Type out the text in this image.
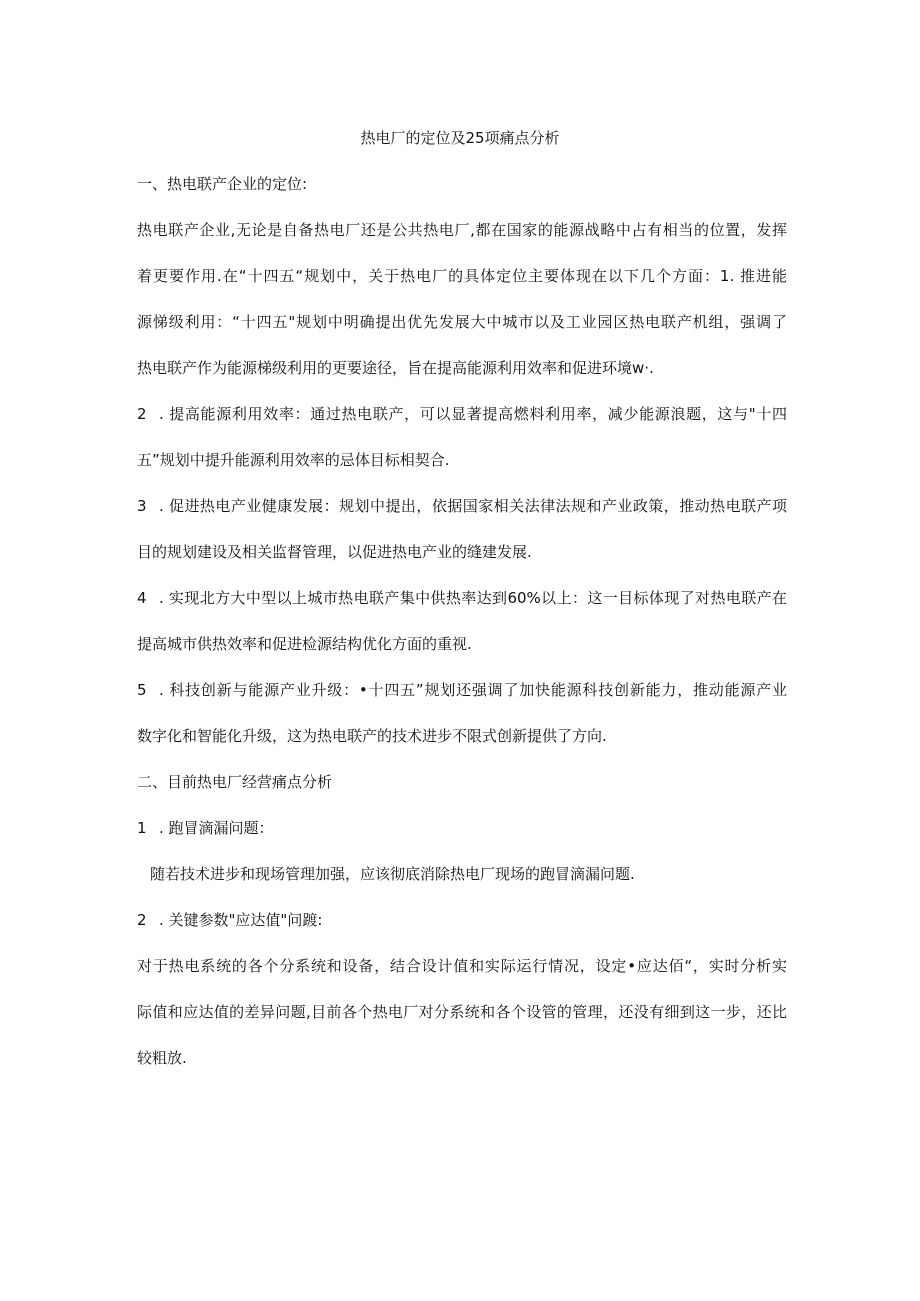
热电厂的定位及25项痛点分析
一、热电联产企业的定位:
热电联产企业,无论是自备热电厂还是公共热电厂,都在国家的能源战略中占有相当的位置，发挥
着更要作用.在“十四五“规划中，关于热电厂的具体定位主要体现在以下几个方面：1. 推进能
源悌级利用：“十四五"规划中明确提出优先发展大中城市以及工业园区热电联产机组，强调了
热电联产作为能源梯级利用的更要途径，旨在提高能源利用效率和促进环境w·.
2 . 提高能源利用效率：通过热电联产，可以显著提高燃料利用率，减少能源浪题，这与"十四
五”规划中提升能源利用效率的忌体目标相契合.
3 . 促进热电产业健康发展：规划中提出，依据国家相关法律法规和产业政策，推动热电联产项
目的规划建设及相关监督管理，以促进热电产业的缝建发展.
4 . 实现北方大中型以上城市热电联产集中供热率达到60%以上：这一目标体现了对热电联产在
提高城市供热效率和促进检源结构优化方面的重视.
5 . 科技创新与能源产业升级：•十四五”规划还强调了加快能源科技创新能力，推动能源产业
数字化和智能化升级，这为热电联产的技术进步不限式创新提供了方向.
二、目前热电厂经营痛点分析
1 . 跑冒滴漏问题：
随若技术进步和现场管理加强，应该彻底消除热电厂现场的跑冒滴漏问题.
2 . 关键参数"应达值"问踱:
对于热电系统的各个分系统和设备，结合设计值和实际运行情况，设定•应达佰“，实时分析实
际值和应达值的差异问题,目前各个热电厂对分系统和各个设管的管理，还没有细到这一步，还比
较粗放.
